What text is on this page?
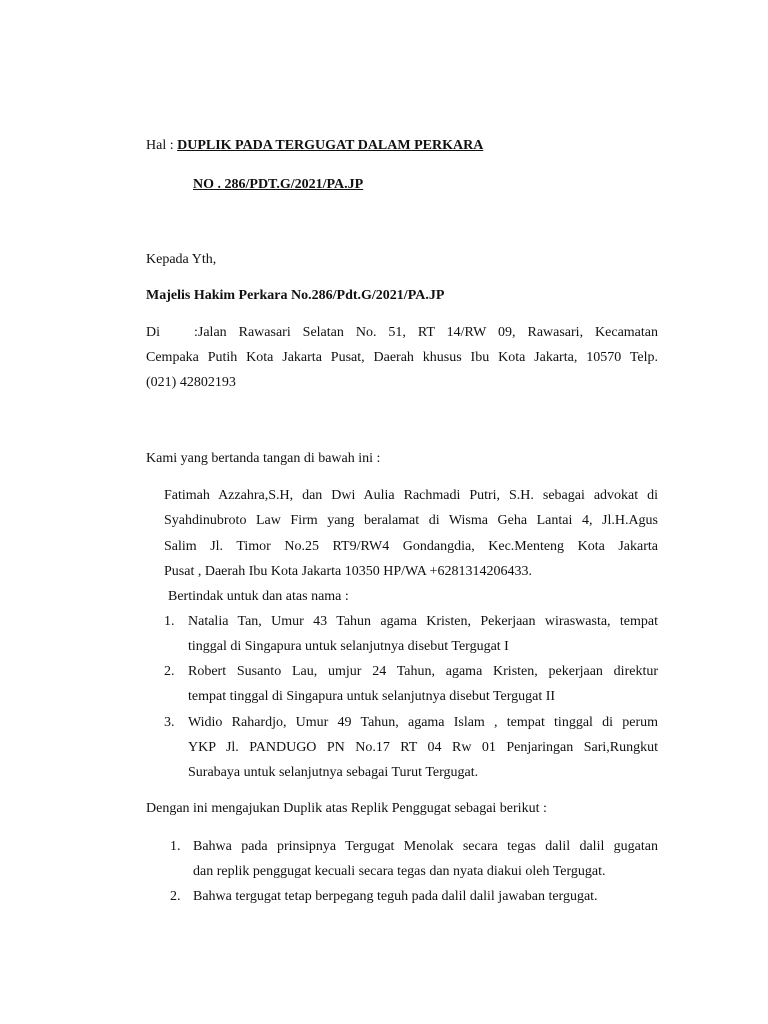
Hal : DUPLIK PADA TERGUGAT DALAM PERKARA
NO . 286/PDT.G/2021/PA.JP
Kepada Yth,
Majelis Hakim Perkara No.286/Pdt.G/2021/PA.JP
Di :Jalan Rawasari Selatan No. 51, RT 14/RW 09, Rawasari, Kecamatan
Cempaka Putih Kota Jakarta Pusat, Daerah khusus Ibu Kota Jakarta, 10570 Telp.
(021) 42802193
Kami yang bertanda tangan di bawah ini :
Fatimah Azzahra,S.H, dan Dwi Aulia Rachmadi Putri, S.H. sebagai advokat di
Syahdinubroto Law Firm yang beralamat di Wisma Geha Lantai 4, Jl.H.Agus
Salim Jl. Timor No.25 RT9/RW4 Gondangdia, Kec.Menteng Kota Jakarta
Pusat , Daerah Ibu Kota Jakarta 10350 HP/WA +6281314206433.
Bertindak untuk dan atas nama :
1. Natalia Tan, Umur 43 Tahun agama Kristen, Pekerjaan wiraswasta, tempat
tinggal di Singapura untuk selanjutnya disebut Tergugat I
2. Robert Susanto Lau, umjur 24 Tahun, agama Kristen, pekerjaan direktur
tempat tinggal di Singapura untuk selanjutnya disebut Tergugat II
3. Widio Rahardjo, Umur 49 Tahun, agama Islam , tempat tinggal di perum
YKP Jl. PANDUGO PN No.17 RT 04 Rw 01 Penjaringan Sari,Rungkut
Surabaya untuk selanjutnya sebagai Turut Tergugat.
Dengan ini mengajukan Duplik atas Replik Penggugat sebagai berikut :
1. Bahwa pada prinsipnya Tergugat Menolak secara tegas dalil dalil gugatan
dan replik penggugat kecuali secara tegas dan nyata diakui oleh Tergugat.
2. Bahwa tergugat tetap berpegang teguh pada dalil dalil jawaban tergugat.
